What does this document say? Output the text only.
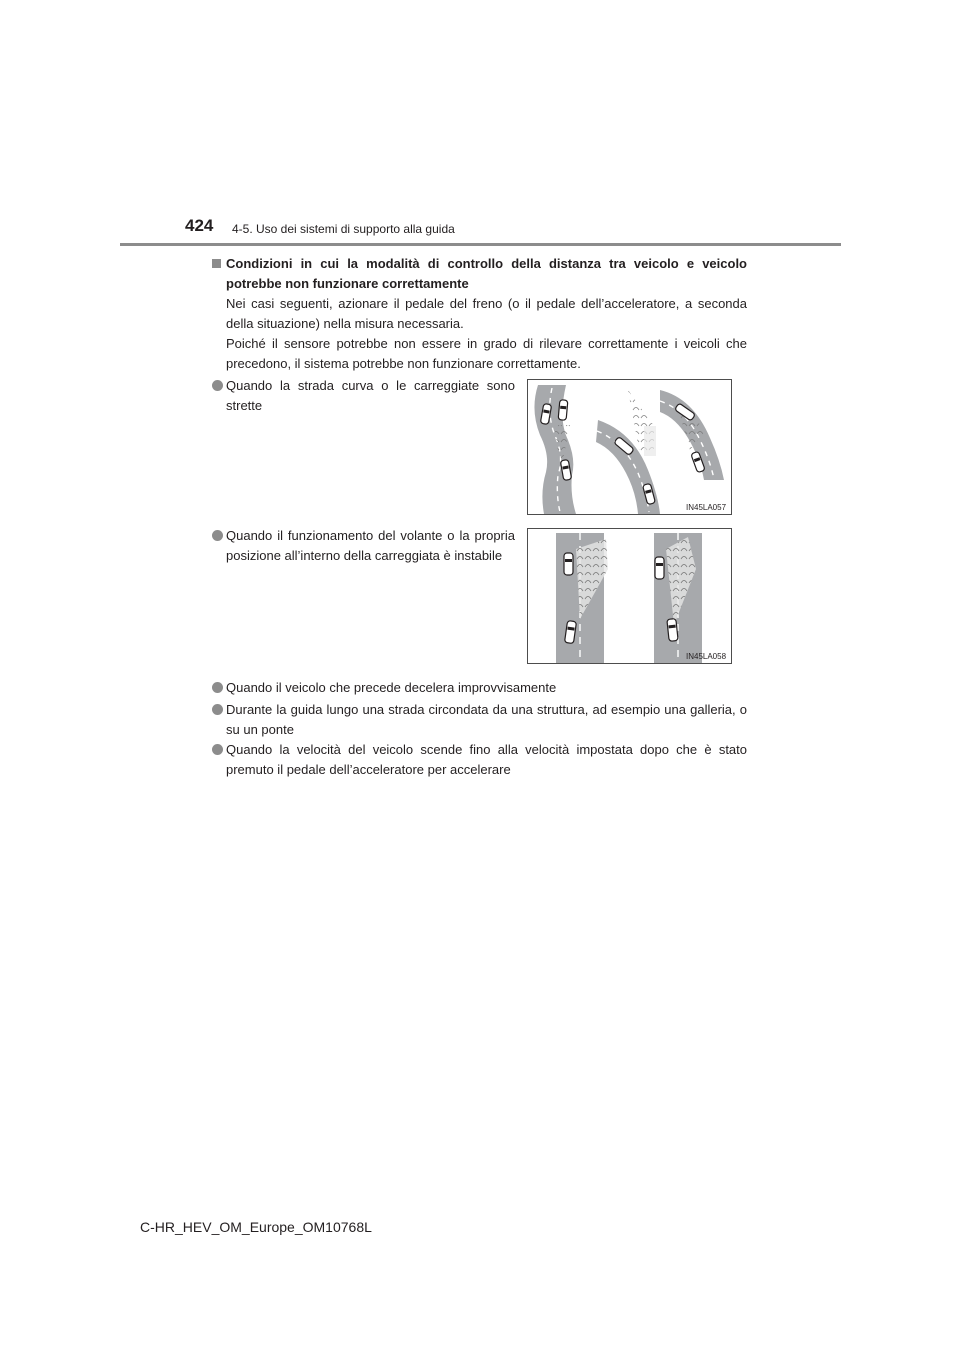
424 4-5. Uso dei sistemi di supporto alla guida
Condizioni in cui la modalità di controllo della distanza tra veicolo e veicolo potrebbe non funzionare correttamente
Nei casi seguenti, azionare il pedale del freno (o il pedale dell’acceleratore, a seconda della situazione) nella misura necessaria.
Poiché il sensore potrebbe non essere in grado di rilevare correttamente i veicoli che precedono, il sistema potrebbe non funzionare correttamente.
Quando la strada curva o le carreggiate sono strette
IN45LA057
Quando il funzionamento del volante o la propria posizione all’interno della carreggiata è instabile
IN45LA058
Quando il veicolo che precede decelera improvvisamente
Durante la guida lungo una strada circondata da una struttura, ad esempio una galleria, o su un ponte
Quando la velocità del veicolo scende fino alla velocità impostata dopo che è stato premuto il pedale dell’acceleratore per accelerare
C-HR_HEV_OM_Europe_OM10768L
